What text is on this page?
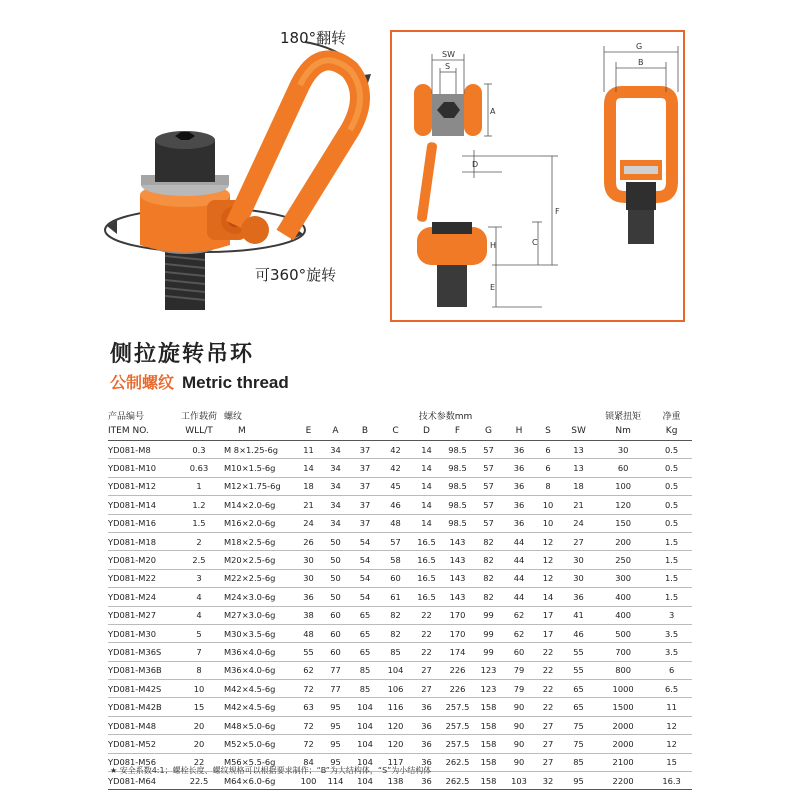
180°翻转
可360°旋转
SW
S
A
D
F
C
H
E
G
B
侧拉旋转吊环
公制螺纹 Metric thread
产品编号	工作载荷	螺纹	技术参数mm										锁紧扭矩	净重
ITEM NO.	WLL/T	M	E	A	B	C	D	F	G	H	S	SW	Nm	Kg
YD081-M8	0.3	M 8×1.25-6g	11	34	37	42	14	98.5	57	36	6	13	30	0.5
YD081-M10	0.63	M10×1.5-6g	14	34	37	42	14	98.5	57	36	6	13	60	0.5
YD081-M12	1	M12×1.75-6g	18	34	37	45	14	98.5	57	36	8	18	100	0.5
YD081-M14	1.2	M14×2.0-6g	21	34	37	46	14	98.5	57	36	10	21	120	0.5
YD081-M16	1.5	M16×2.0-6g	24	34	37	48	14	98.5	57	36	10	24	150	0.5
YD081-M18	2	M18×2.5-6g	26	50	54	57	16.5	143	82	44	12	27	200	1.5
YD081-M20	2.5	M20×2.5-6g	30	50	54	58	16.5	143	82	44	12	30	250	1.5
YD081-M22	3	M22×2.5-6g	30	50	54	60	16.5	143	82	44	12	30	300	1.5
YD081-M24	4	M24×3.0-6g	36	50	54	61	16.5	143	82	44	14	36	400	1.5
YD081-M27	4	M27×3.0-6g	38	60	65	82	22	170	99	62	17	41	400	3
YD081-M30	5	M30×3.5-6g	48	60	65	82	22	170	99	62	17	46	500	3.5
YD081-M36S	7	M36×4.0-6g	55	60	65	85	22	174	99	60	22	55	700	3.5
YD081-M36B	8	M36×4.0-6g	62	77	85	104	27	226	123	79	22	55	800	6
YD081-M42S	10	M42×4.5-6g	72	77	85	106	27	226	123	79	22	65	1000	6.5
YD081-M42B	15	M42×4.5-6g	63	95	104	116	36	257.5	158	90	22	65	1500	11
YD081-M48	20	M48×5.0-6g	72	95	104	120	36	257.5	158	90	27	75	2000	12
YD081-M52	20	M52×5.0-6g	72	95	104	120	36	257.5	158	90	27	75	2000	12
YD081-M56	22	M56×5.5-6g	84	95	104	117	36	262.5	158	90	27	85	2100	15
YD081-M64	22.5	M64×6.0-6g	100	114	104	138	36	262.5	158	103	32	95	2200	16.3
★ 安全系数4:1；螺栓长度、螺纹规格可以根据要求制作；“B”为大结构体，“S”为小结构体
